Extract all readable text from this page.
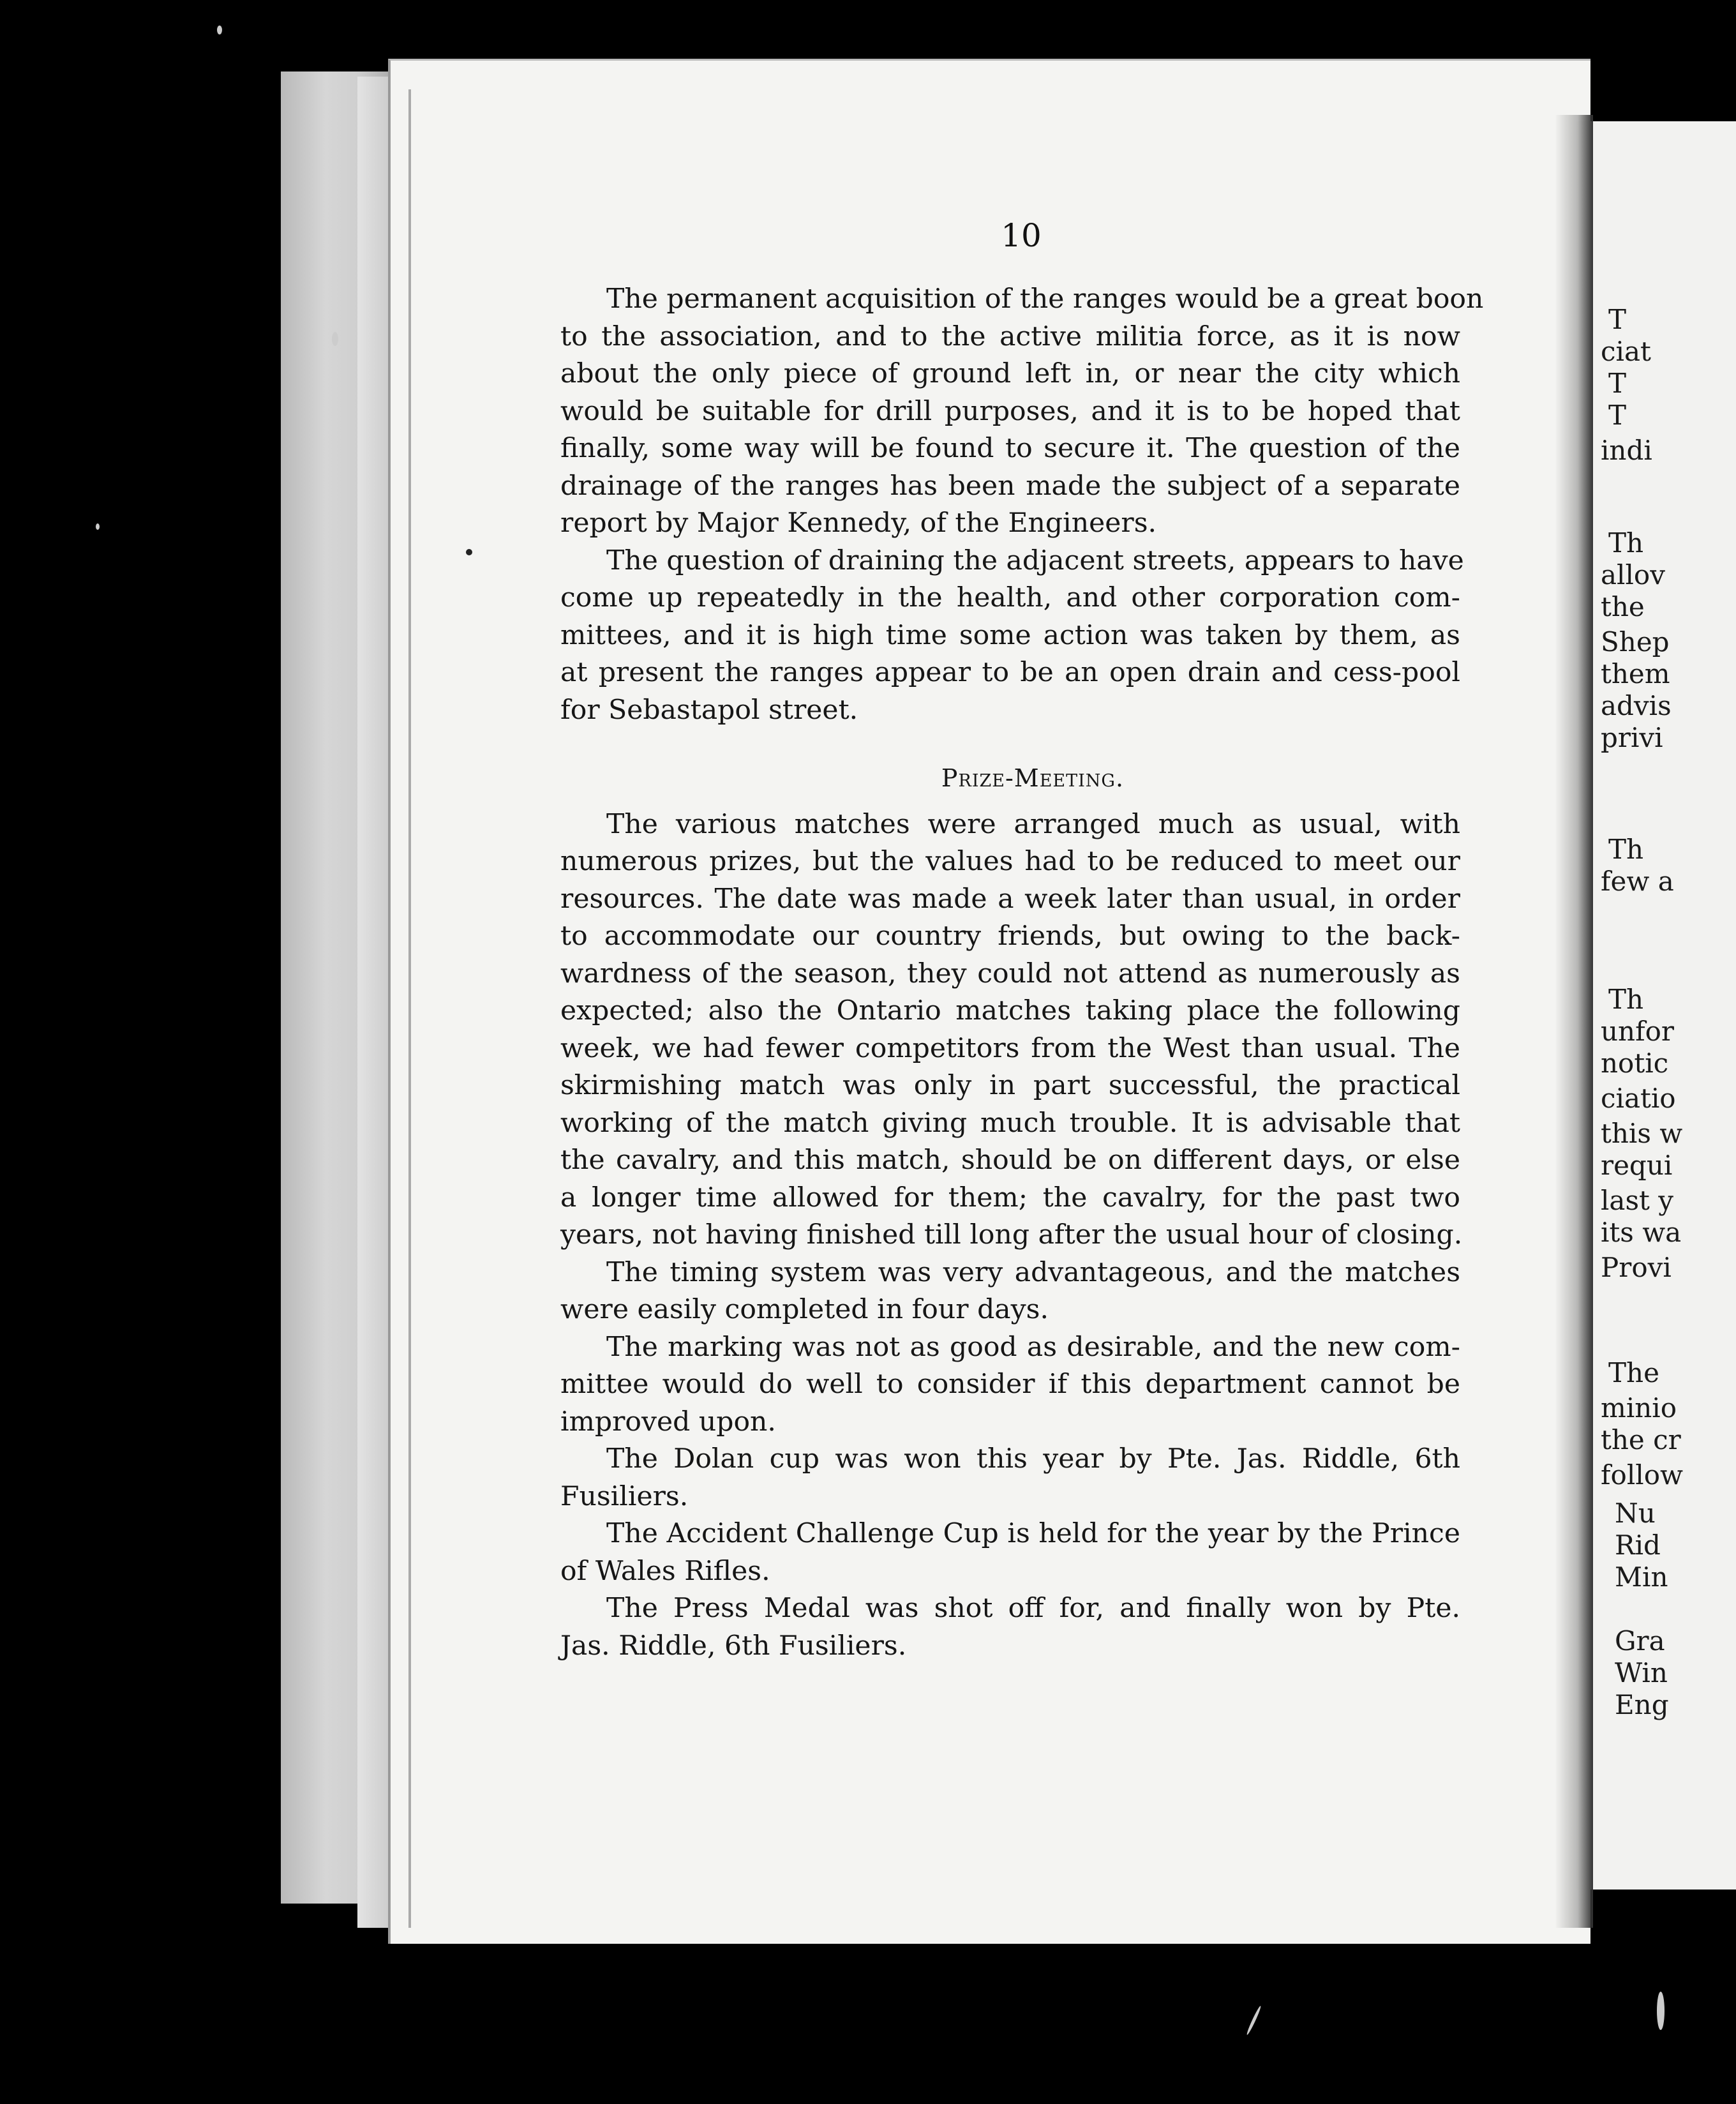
T
ciat
T
T
indi
Th
allov
the
Shep
them
advis
privi
Th
few a
Th
unfor
notic
ciatio
this w
requi
last y
its wa
Provi
The
minio
the cr
follow
Nu
Rid
Min
Gra
Win
Eng
10
The permanent acquisition of the ranges would be a great boon
to the association, and to the active militia force, as it is now
about the only piece of ground left in, or near the city which
would be suitable for drill purposes, and it is to be hoped that
finally, some way will be found to secure it. The question of the
drainage of the ranges has been made the subject of a separate
report by Major Kennedy, of the Engineers.
The question of draining the adjacent streets, appears to have
come up repeatedly in the health, and other corporation com-
mittees, and it is high time some action was taken by them, as
at present the ranges appear to be an open drain and cess-pool
for Sebastapol street.
Prize-Meeting.
The various matches were arranged much as usual, with
numerous prizes, but the values had to be reduced to meet our
resources. The date was made a week later than usual, in order
to accommodate our country friends, but owing to the back-
wardness of the season, they could not attend as numerously as
expected; also the Ontario matches taking place the following
week, we had fewer competitors from the West than usual. The
skirmishing match was only in part successful, the practical
working of the match giving much trouble. It is advisable that
the cavalry, and this match, should be on different days, or else
a longer time allowed for them; the cavalry, for the past two
years, not having finished till long after the usual hour of closing.
The timing system was very advantageous, and the matches
were easily completed in four days.
The marking was not as good as desirable, and the new com-
mittee would do well to consider if this department cannot be
improved upon.
The Dolan cup was won this year by Pte. Jas. Riddle, 6th
Fusiliers.
The Accident Challenge Cup is held for the year by the Prince
of Wales Rifles.
The Press Medal was shot off for, and finally won by Pte.
Jas. Riddle, 6th Fusiliers.
